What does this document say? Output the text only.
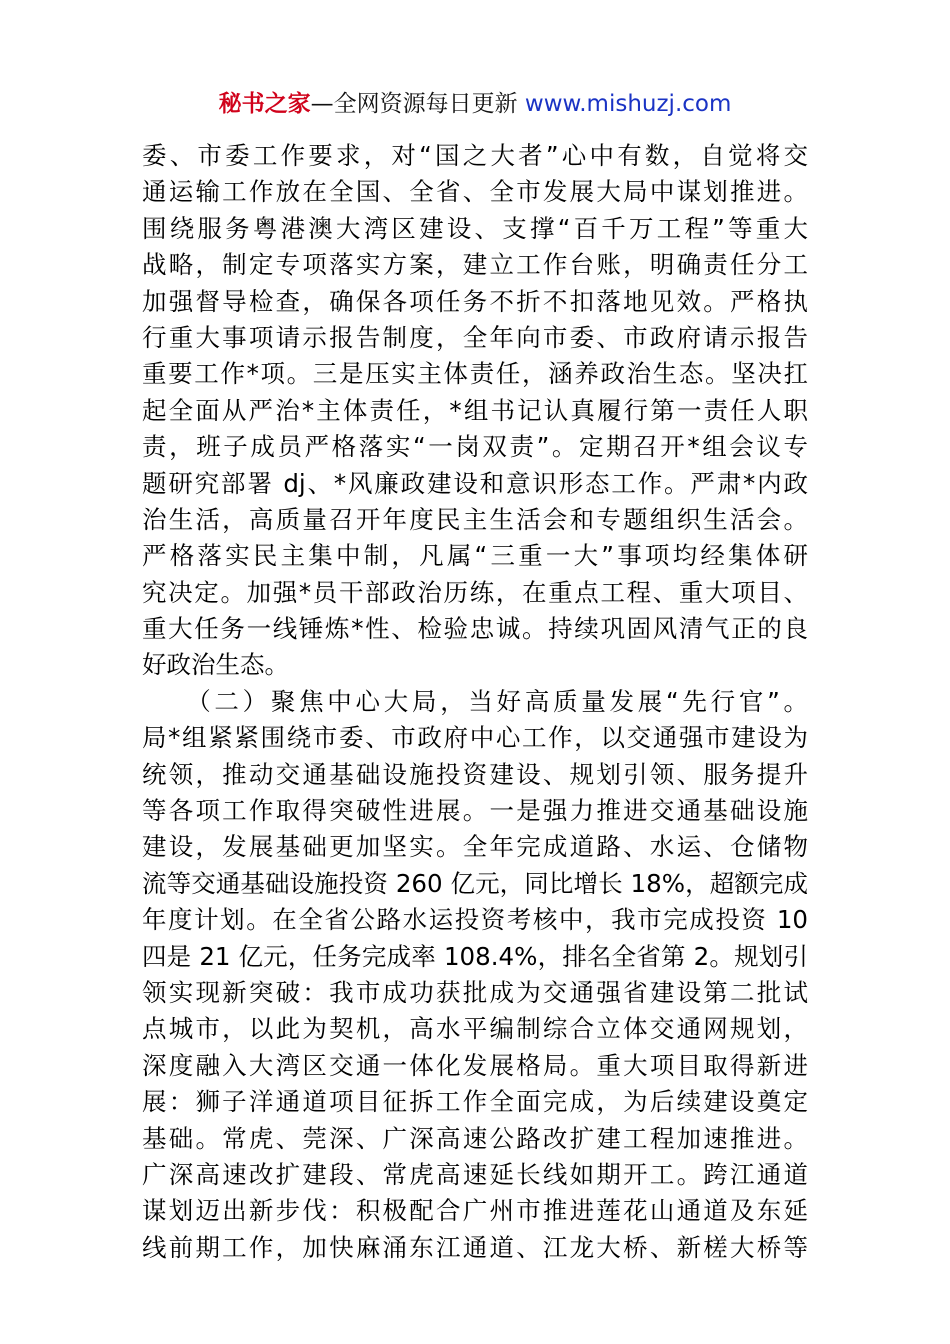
秘书之家—全网资源每日更新 www.mishuzj.com
委、市委工作要求，对“国之大者”心中有数，自觉将交
通运输工作放在全国、全省、全市发展大局中谋划推进。
围绕服务粤港澳大湾区建设、支撑“百千万工程”等重大
战略，制定专项落实方案，建立工作台账，明确责任分工
加强督导检查，确保各项任务不折不扣落地见效。严格执
行重大事项请示报告制度，全年向市委、市政府请示报告
重要工作*项。三是压实主体责任，涵养政治生态。坚决扛
起全面从严治*主体责任，*组书记认真履行第一责任人职
责，班子成员严格落实“一岗双责”。定期召开*组会议专
题研究部署 dj、*风廉政建设和意识形态工作。严肃*内政
治生活，高质量召开年度民主生活会和专题组织生活会。
严格落实民主集中制，凡属“三重一大”事项均经集体研
究决定。加强*员干部政治历练，在重点工程、重大项目、
重大任务一线锤炼*性、检验忠诚。持续巩固风清气正的良
好政治生态。
　　（二）聚焦中心大局，当好高质量发展“先行官”。
局*组紧紧围绕市委、市政府中心工作，以交通强市建设为
统领，推动交通基础设施投资建设、规划引领、服务提升
等各项工作取得突破性进展。一是强力推进交通基础设施
建设，发展基础更加坚实。全年完成道路、水运、仓储物
流等交通基础设施投资 260 亿元，同比增长 18%，超额完成
年度计划。在全省公路水运投资考核中，我市完成投资 10
四是 21 亿元，任务完成率 108.4%，排名全省第 2。规划引
领实现新突破：我市成功获批成为交通强省建设第二批试
点城市，以此为契机，高水平编制综合立体交通网规划，
深度融入大湾区交通一体化发展格局。重大项目取得新进
展：狮子洋通道项目征拆工作全面完成，为后续建设奠定
基础。常虎、莞深、广深高速公路改扩建工程加速推进。
广深高速改扩建段、常虎高速延长线如期开工。跨江通道
谋划迈出新步伐：积极配合广州市推进莲花山通道及东延
线前期工作，加快麻涌东江通道、江龙大桥、新槎大桥等
